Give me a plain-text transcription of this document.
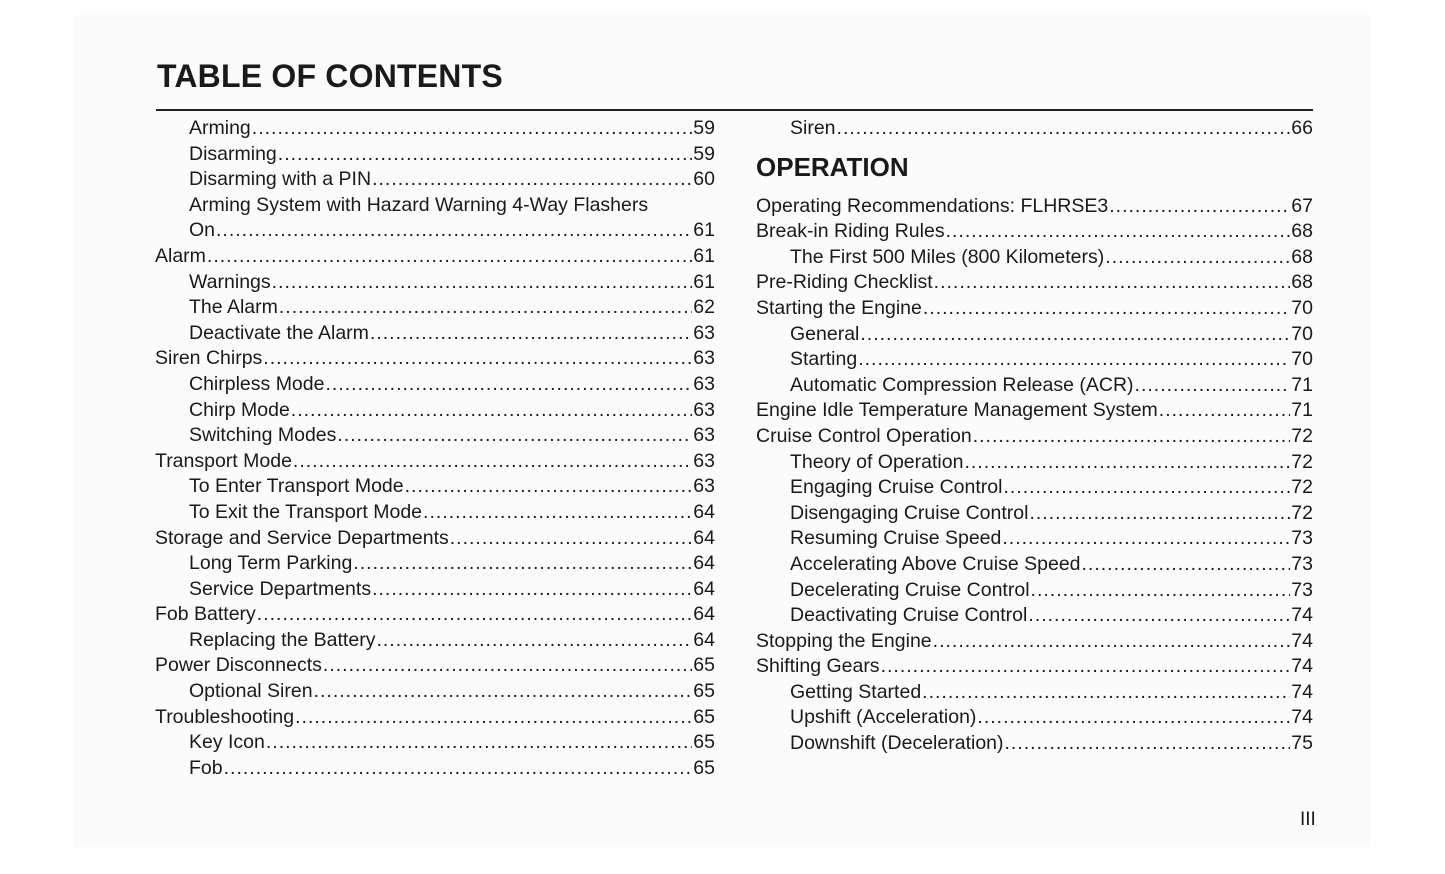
TABLE OF CONTENTS
Arming .....	59
Disarming .....	59
Disarming with a PIN .....	60
Arming System with Hazard Warning 4-Way Flashers
On .....	61
Alarm .....	61
Warnings .....	61
The Alarm .....	62
Deactivate the Alarm .....	63
Siren Chirps .....	63
Chirpless Mode .....	63
Chirp Mode .....	63
Switching Modes .....	63
Transport Mode .....	63
To Enter Transport Mode .....	63
To Exit the Transport Mode .....	64
Storage and Service Departments .....	64
Long Term Parking .....	64
Service Departments .....	64
Fob Battery .....	64
Replacing the Battery .....	64
Power Disconnects .....	65
Optional Siren .....	65
Troubleshooting .....	65
Key Icon .....	65
Fob .....	65
Siren .....	66
OPERATION
Operating Recommendations: FLHRSE3 .....	67
Break-in Riding Rules .....	68
The First 500 Miles (800 Kilometers) .....	68
Pre-Riding Checklist .....	68
Starting the Engine .....	70
General .....	70
Starting .....	70
Automatic Compression Release (ACR) .....	71
Engine Idle Temperature Management System .....	71
Cruise Control Operation .....	72
Theory of Operation .....	72
Engaging Cruise Control .....	72
Disengaging Cruise Control .....	72
Resuming Cruise Speed .....	73
Accelerating Above Cruise Speed .....	73
Decelerating Cruise Control .....	73
Deactivating Cruise Control .....	74
Stopping the Engine .....	74
Shifting Gears .....	74
Getting Started .....	74
Upshift (Acceleration) .....	74
Downshift (Deceleration) .....	75
III
